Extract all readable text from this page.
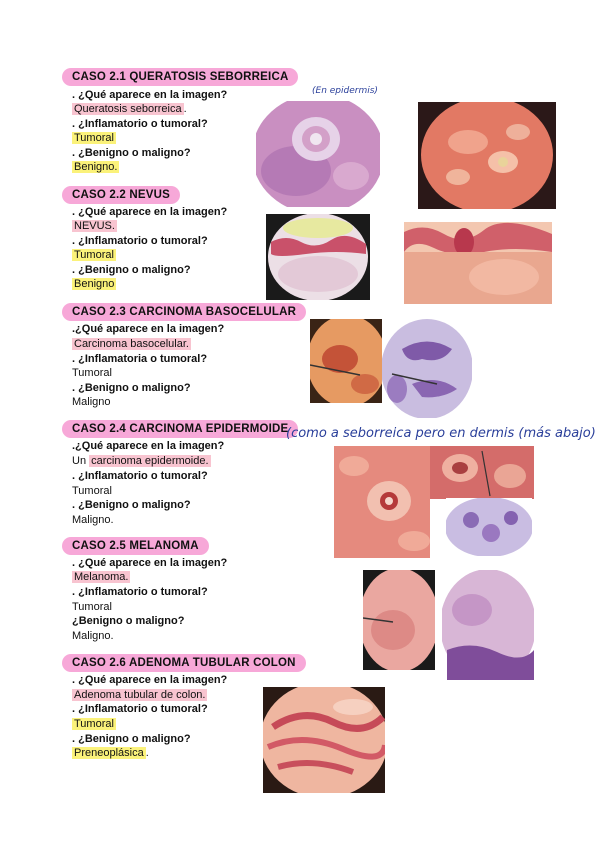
CASO 2.1 QUERATOSIS SEBORREICA
. ¿Qué aparece en la imagen?
Queratosis seborreica .
. ¿Inflamatorio o tumoral?
Tumoral
. ¿Benigno o maligno?
Benigno.
(En epidermis)
CASO 2.2 NEVUS
. ¿Qué aparece en la imagen?
NEVUS.
. ¿Inflamatorio o tumoral?
Tumoral
. ¿Benigno o maligno?
Benigno
CASO 2.3 CARCINOMA BASOCELULAR
.¿Qué aparece en la imagen?
Carcinoma basocelular.
. ¿Inflamatoria o tumoral?
Tumoral
. ¿Benigno o maligno?
Maligno
CASO 2.4 CARCINOMA EPIDERMOIDE
.¿Qué aparece en la imagen?
Un carcinoma epidermoide.
. ¿Inflamatorio o tumoral?
Tumoral
. ¿Benigno o maligno?
Maligno.
(como a seborreica pero en dermis (más abajo)
CASO 2.5 MELANOMA
. ¿Qué aparece en la imagen?
Melanoma.
. ¿Inflamatorio o tumoral?
Tumoral
¿Benigno o maligno?
Maligno.
CASO 2.6 ADENOMA TUBULAR COLON
. ¿Qué aparece en la imagen?
Adenoma tubular de colon.
. ¿Inflamatorio o tumoral?
Tumoral
. ¿Benigno o maligno?
Preneoplásica .
